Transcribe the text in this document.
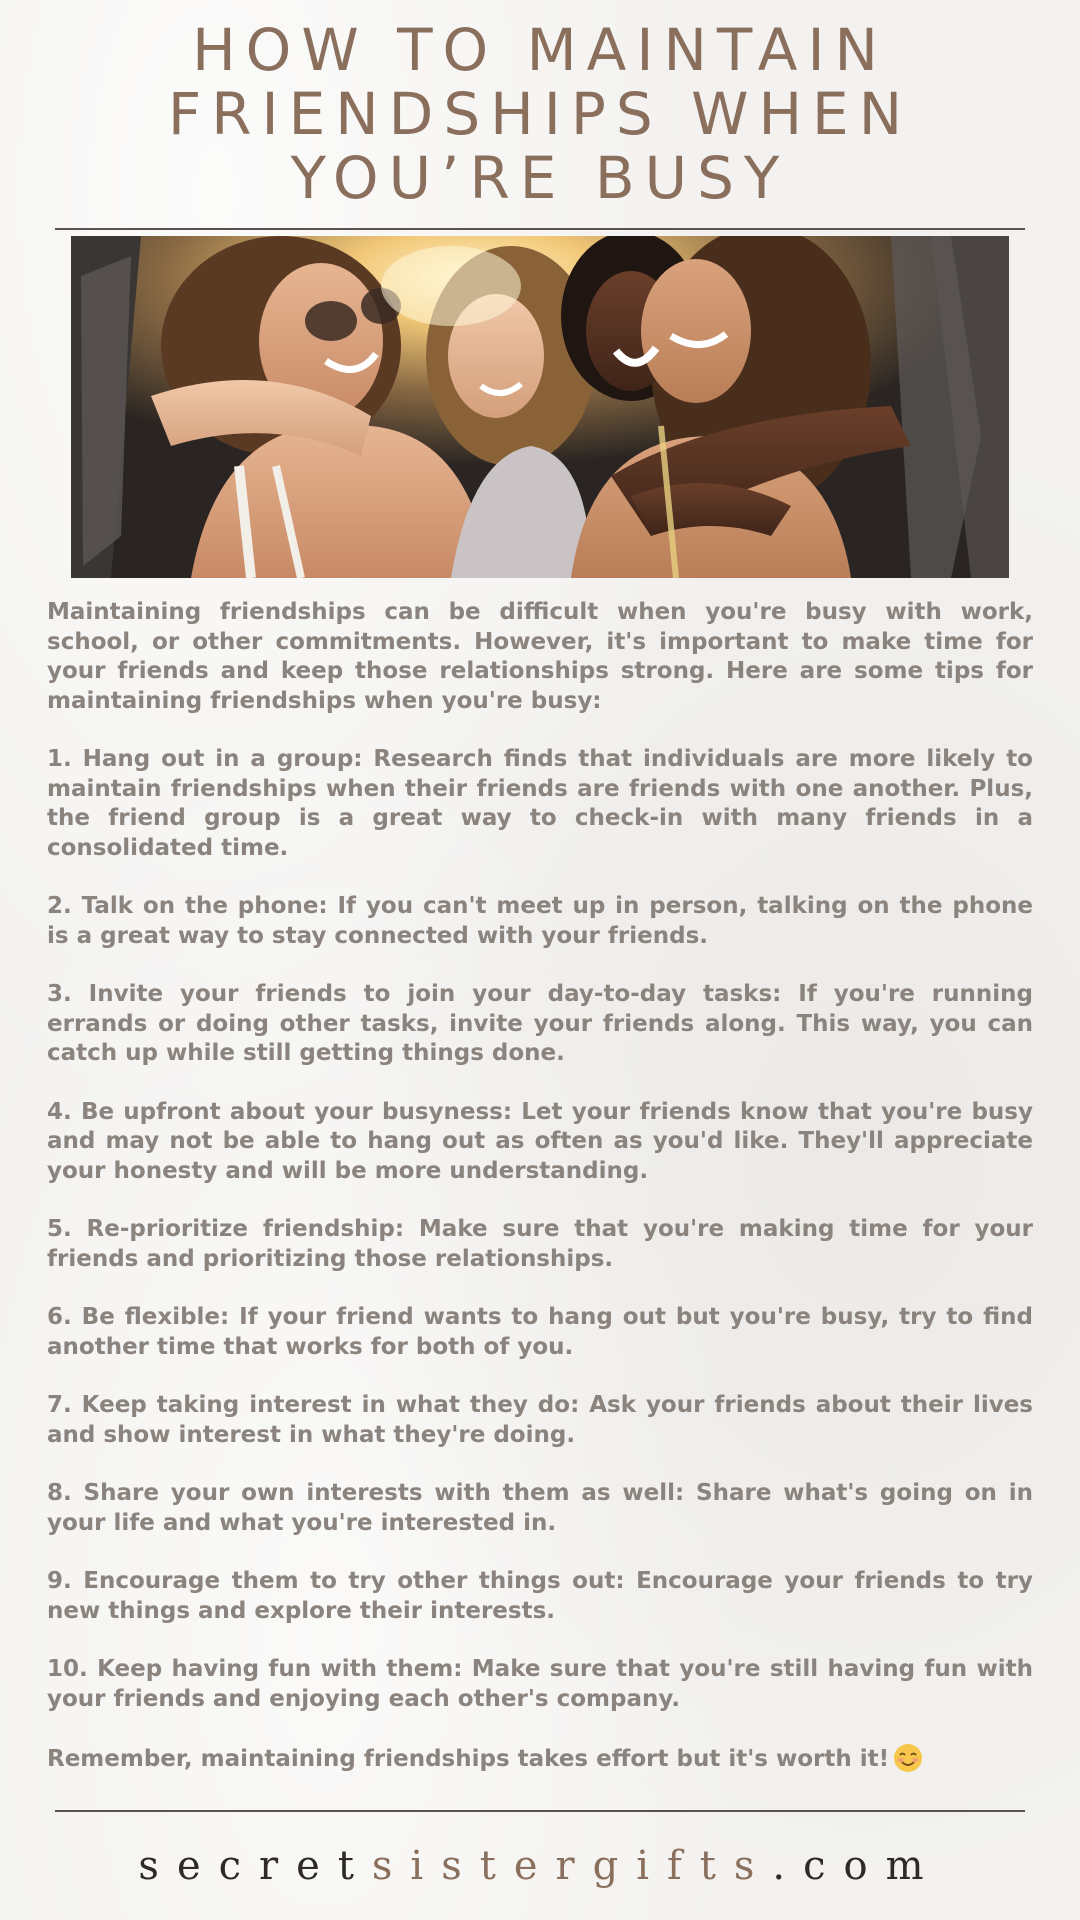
HOW TO MAINTAIN
FRIENDSHIPS WHEN
YOU’RE BUSY

Maintaining friendships can be difficult when you're busy with work, school, or other commitments. However, it's important to make time for your friends and keep those relationships strong. Here are some tips for maintaining friendships when you're busy:

1. Hang out in a group: Research finds that individuals are more likely to maintain friendships when their friends are friends with one another. Plus, the friend group is a great way to check-in with many friends in a consolidated time.

2. Talk on the phone: If you can't meet up in person, talking on the phone is a great way to stay connected with your friends.

3. Invite your friends to join your day-to-day tasks: If you're running errands or doing other tasks, invite your friends along. This way, you can catch up while still getting things done.

4. Be upfront about your busyness: Let your friends know that you're busy and may not be able to hang out as often as you'd like. They'll appreciate your honesty and will be more understanding.

5. Re-prioritize friendship: Make sure that you're making time for your friends and prioritizing those relationships.

6. Be flexible: If your friend wants to hang out but you're busy, try to find another time that works for both of you.

7. Keep taking interest in what they do: Ask your friends about their lives and show interest in what they're doing.

8. Share your own interests with them as well: Share what's going on in your life and what you're interested in.

9. Encourage them to try other things out: Encourage your friends to try new things and explore their interests.

10. Keep having fun with them: Make sure that you're still having fun with your friends and enjoying each other's company.

Remember, maintaining friendships takes effort but it's worth it!

secretsistergifts.com
